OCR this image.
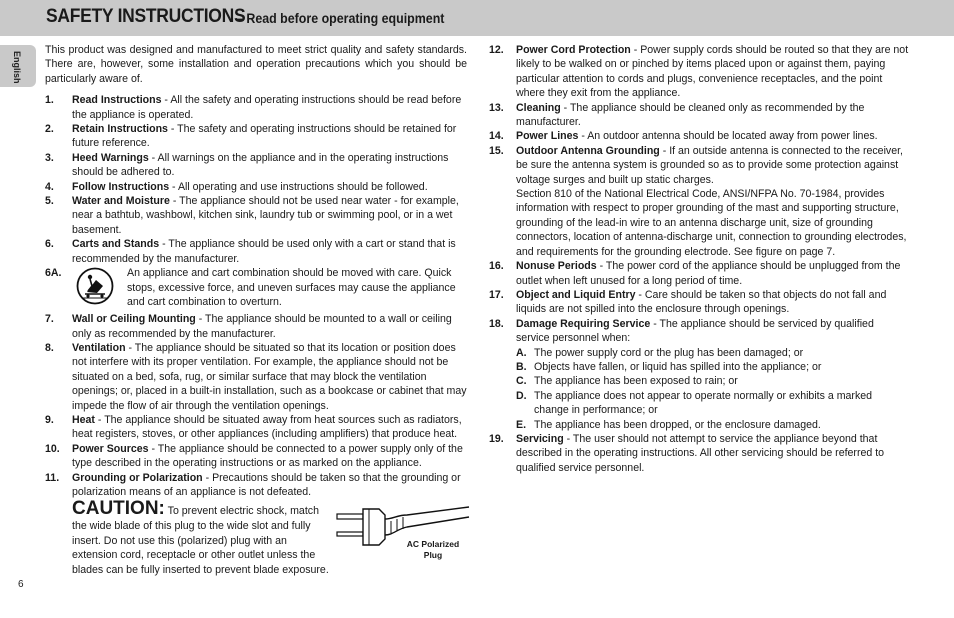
SAFETY INSTRUCTIONS
– Read before operating equipment
English
6
This product was designed and manufactured to meet strict quality and safety standards. There are, however, some installation and operation precautions which you should be particularly aware of.
1. Read Instructions - All the safety and operating instructions should be read before the appliance is operated.
2. Retain Instructions - The safety and operating instructions should be retained for future reference.
3. Heed Warnings - All warnings on the appliance and in the operating instructions should be adhered to.
4. Follow Instructions - All operating and use instructions should be followed.
5. Water and Moisture - The appliance should not be used near water - for example, near a bathtub, washbowl, kitchen sink, laundry tub or swimming pool, or in a wet basement.
6. Carts and Stands - The appliance should be used only with a cart or stand that is recommended by the manufacturer.
6A.	An appliance and cart combination should be moved with care. Quick stops, excessive force, and uneven surfaces may cause the appliance and cart combination to overturn.
7. Wall or Ceiling Mounting - The appliance should be mounted to a wall or ceiling only as recommended by the manufacturer.
8. Ventilation - The appliance should be situated so that its location or position does not interfere with its proper ventilation. For example, the appliance should not be situated on a bed, sofa, rug, or similar surface that may block the ventilation openings; or, placed in a built-in installation, such as a bookcase or cabinet that may impede the flow of air through the ventilation openings.
9. Heat - The appliance should be situated away from heat sources such as radiators, heat registers, stoves, or other appliances (including amplifiers) that produce heat.
10. Power Sources - The appliance should be connected to a power supply only of the type described in the operating instructions or as marked on the appliance.
11. Grounding or Polarization - Precautions should be taken so that the grounding or polarization means of an appliance is not defeated.
CAUTION: To prevent electric shock, match the wide blade of this plug to the wide slot and fully insert. Do not use this (polarized) plug with an extension cord, receptacle or other outlet unless the blades can be fully inserted to prevent blade exposure.
AC Polarized
Plug
12. Power Cord Protection - Power supply cords should be routed so that they are not likely to be walked on or pinched by items placed upon or against them, paying particular attention to cords and plugs, convenience receptacles, and the point where they exit from the appliance.
13. Cleaning - The appliance should be cleaned only as recommended by the manufacturer.
14. Power Lines - An outdoor antenna should be located away from power lines.
15. Outdoor Antenna Grounding - If an outside antenna is connected to the receiver, be sure the antenna system is grounded so as to provide some protection against voltage surges and built up static charges.
Section 810 of the National Electrical Code, ANSI/NFPA No. 70-1984, provides information with respect to proper grounding of the mast and supporting structure, grounding of the lead-in wire to an antenna discharge unit, size of grounding connectors, location of antenna-discharge unit, connection to grounding electrodes, and requirements for the grounding electrode. See figure on page 7.
16. Nonuse Periods - The power cord of the appliance should be unplugged from the outlet when left unused for a long period of time.
17. Object and Liquid Entry - Care should be taken so that objects do not fall and liquids are not spilled into the enclosure through openings.
18. Damage Requiring Service - The appliance should be serviced by qualified service personnel when:
A. The power supply cord or the plug has been damaged; or
B. Objects have fallen, or liquid has spilled into the appliance; or
C. The appliance has been exposed to rain; or
D. The appliance does not appear to operate normally or exhibits a marked change in performance; or
E. The appliance has been dropped, or the enclosure damaged.
19. Servicing - The user should not attempt to service the appliance beyond that described in the operating instructions. All other servicing should be referred to qualified service personnel.
